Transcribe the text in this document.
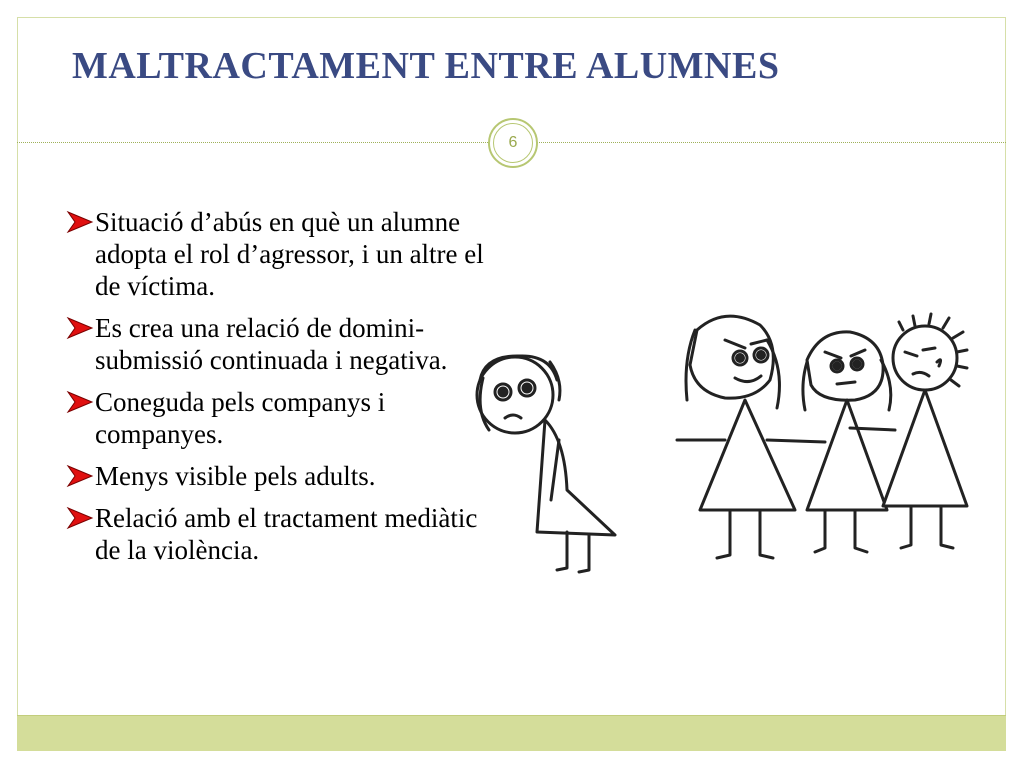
MALTRACTAMENT ENTRE ALUMNES
6
Situació d’abús en què un alumne adopta el rol d’agressor, i un altre el de víctima.
Es crea una relació de domini- submissió continuada i negativa.
Coneguda pels companys i companyes.
Menys visible pels adults.
Relació amb el tractament mediàtic de la violència.
